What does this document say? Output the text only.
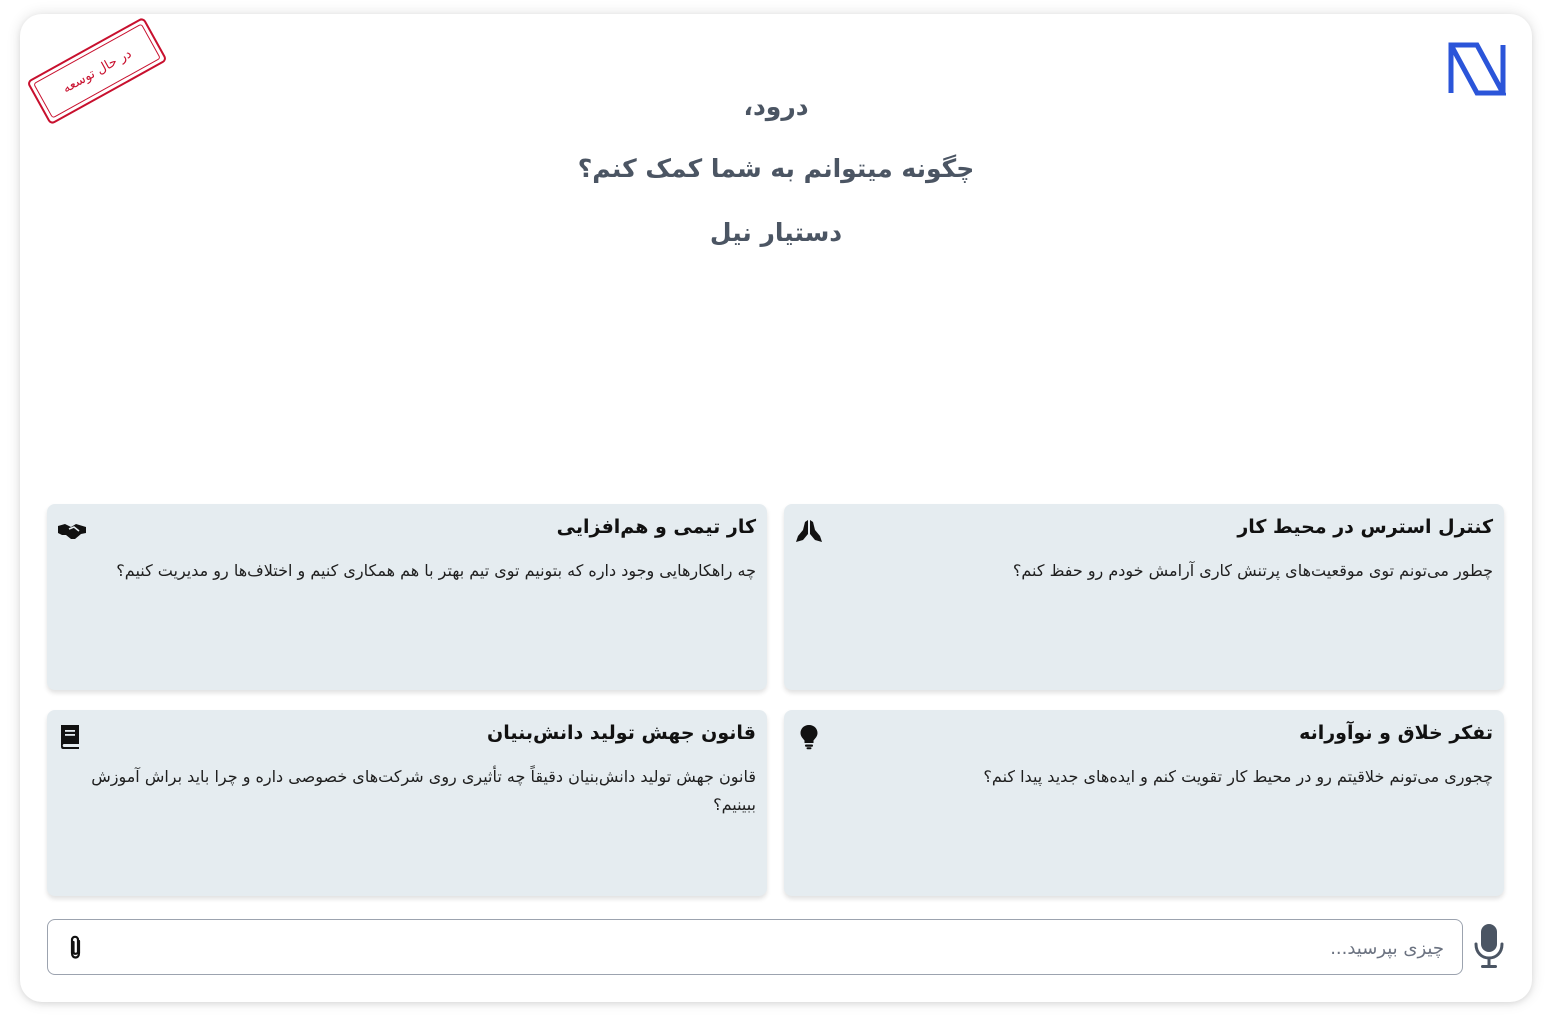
در حال توسعه

درود،

چگونه میتوانم به شما کمک کنم؟

دستیار نیل

کنترل استرس در محیط کار
چطور می‌تونم توی موقعیت‌های پرتنش کاری آرامش خودم رو حفظ کنم؟
کار تیمی و هم‌افزایی
چه راهکارهایی وجود داره که بتونیم توی تیم بهتر با هم همکاری کنیم و اختلاف‌ها رو مدیریت کنیم؟
تفکر خلاق و نوآورانه
چجوری می‌تونم خلاقیتم رو در محیط کار تقویت کنم و ایده‌های جدید پیدا کنم؟
قانون جهش تولید دانش‌بنیان
قانون جهش تولید دانش‌بنیان دقیقاً چه تأثیری روی شرکت‌های خصوصی داره و چرا باید براش آموزش ببینیم؟
چیزی بپرسید...
